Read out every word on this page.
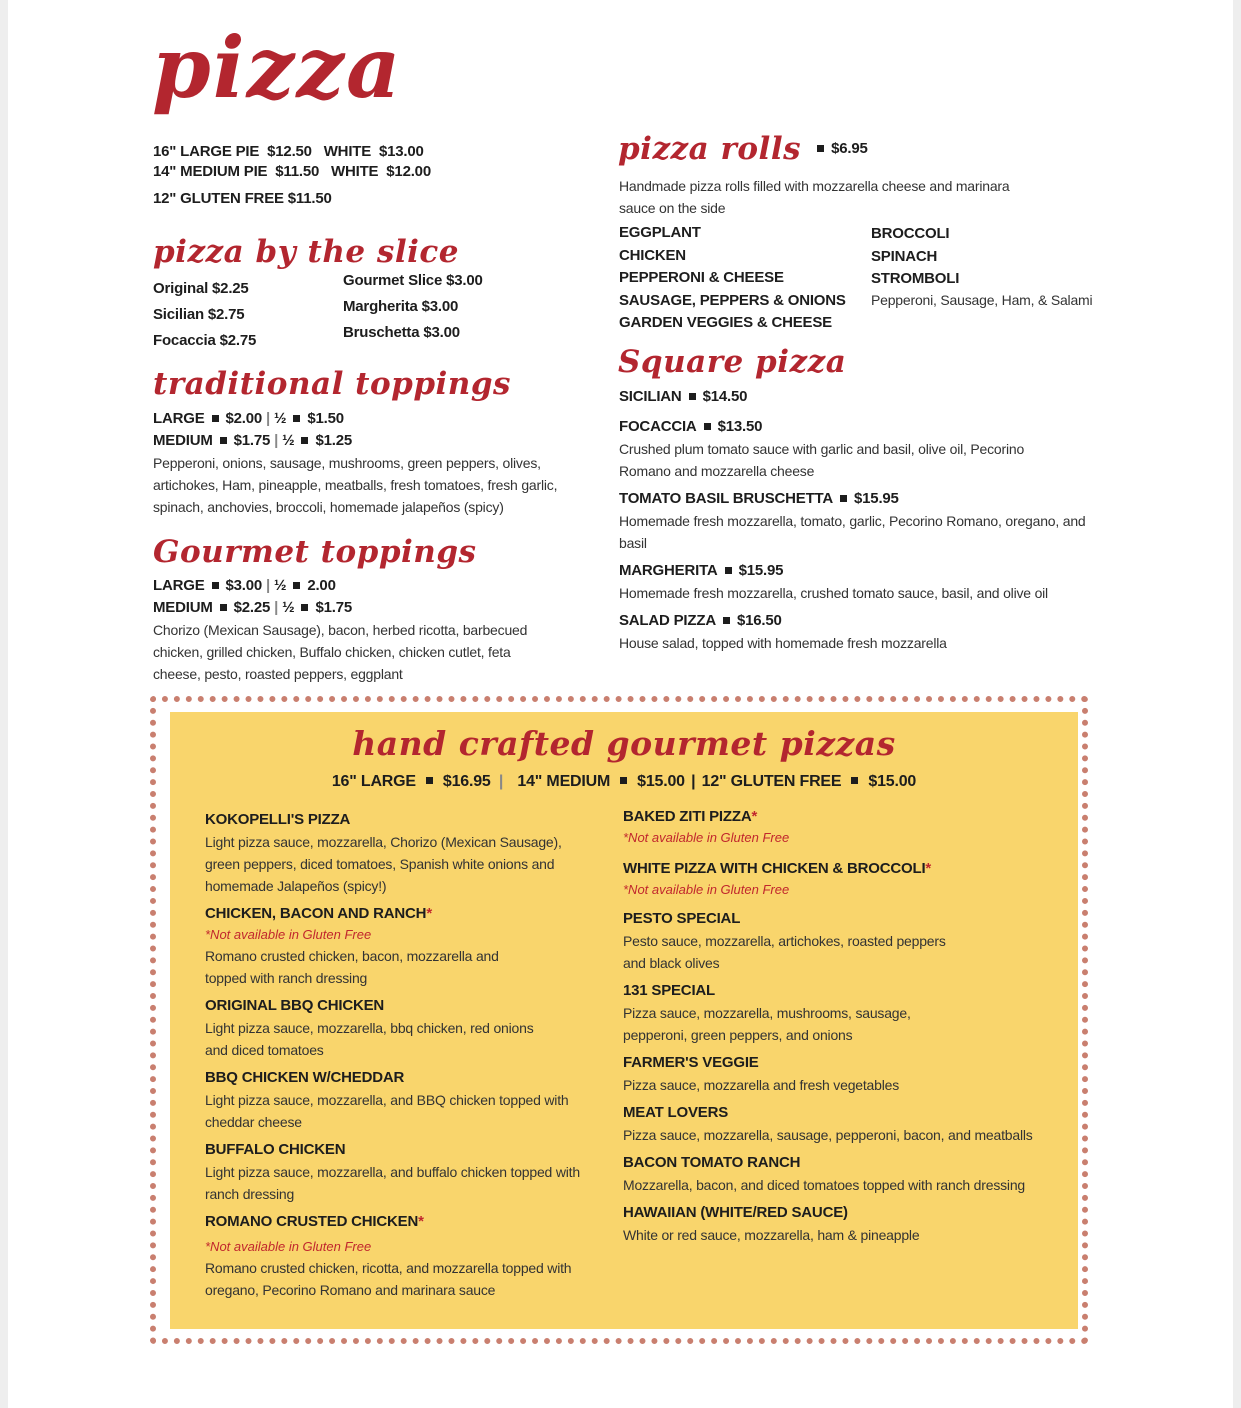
pizza
16" LARGE PIE  $12.50   WHITE  $13.00
14" MEDIUM PIE  $11.50   WHITE  $12.00
12" GLUTEN FREE $11.50
pizza by the slice
Original $2.25
Sicilian $2.75
Focaccia $2.75
Gourmet Slice $3.00
Margherita $3.00
Bruschetta $3.00
traditional toppings
LARGE $2.00 | ½ $1.50
MEDIUM $1.75 | ½ $1.25
Pepperoni, onions, sausage, mushrooms, green peppers, olives, artichokes, Ham, pineapple, meatballs, fresh tomatoes, fresh garlic, spinach, anchovies, broccoli, homemade jalapeños (spicy)
Gourmet toppings
LARGE $3.00 | ½ 2.00
MEDIUM $2.25 | ½ $1.75
Chorizo (Mexican Sausage), bacon, herbed ricotta, barbecued chicken, grilled chicken, Buffalo chicken, chicken cutlet, feta cheese, pesto, roasted peppers, eggplant
pizza rolls $6.95
Handmade pizza rolls filled with mozzarella cheese and marinara sauce on the side
EGGPLANT
CHICKEN
PEPPERONI & CHEESE
SAUSAGE, PEPPERS & ONIONS
GARDEN VEGGIES & CHEESE
BROCCOLI
SPINACH
STROMBOLI
Pepperoni, Sausage, Ham, & Salami
Square pizza
SICILIAN $14.50
FOCACCIA $13.50
Crushed plum tomato sauce with garlic and basil, olive oil, Pecorino Romano and mozzarella cheese
TOMATO BASIL BRUSCHETTA $15.95
Homemade fresh mozzarella, tomato, garlic, Pecorino Romano, oregano, and basil
MARGHERITA $15.95
Homemade fresh mozzarella, crushed tomato sauce, basil, and olive oil
SALAD PIZZA $16.50
House salad, topped with homemade fresh mozzarella
hand crafted gourmet pizzas
16" LARGE $16.95 | 14" MEDIUM $15.00 | 12" GLUTEN FREE $15.00
KOKOPELLI'S PIZZA
Light pizza sauce, mozzarella, Chorizo (Mexican Sausage), green peppers, diced tomatoes, Spanish white onions and homemade Jalapeños (spicy!)
CHICKEN, BACON AND RANCH*
*Not available in Gluten Free
Romano crusted chicken, bacon, mozzarella and topped with ranch dressing
ORIGINAL BBQ CHICKEN
Light pizza sauce, mozzarella, bbq chicken, red onions and diced tomatoes
BBQ CHICKEN W/CHEDDAR
Light pizza sauce, mozzarella, and BBQ chicken topped with cheddar cheese
BUFFALO CHICKEN
Light pizza sauce, mozzarella, and buffalo chicken topped with ranch dressing
ROMANO CRUSTED CHICKEN*
*Not available in Gluten Free
Romano crusted chicken, ricotta, and mozzarella topped with oregano, Pecorino Romano and marinara sauce
BAKED ZITI PIZZA*
*Not available in Gluten Free
WHITE PIZZA WITH CHICKEN & BROCCOLI*
*Not available in Gluten Free
PESTO SPECIAL
Pesto sauce, mozzarella, artichokes, roasted peppers and black olives
131 SPECIAL
Pizza sauce, mozzarella, mushrooms, sausage, pepperoni, green peppers, and onions
FARMER'S VEGGIE
Pizza sauce, mozzarella and fresh vegetables
MEAT LOVERS
Pizza sauce, mozzarella, sausage, pepperoni, bacon, and meatballs
BACON TOMATO RANCH
Mozzarella, bacon, and diced tomatoes topped with ranch dressing
HAWAIIAN (WHITE/RED SAUCE)
White or red sauce, mozzarella, ham & pineapple
